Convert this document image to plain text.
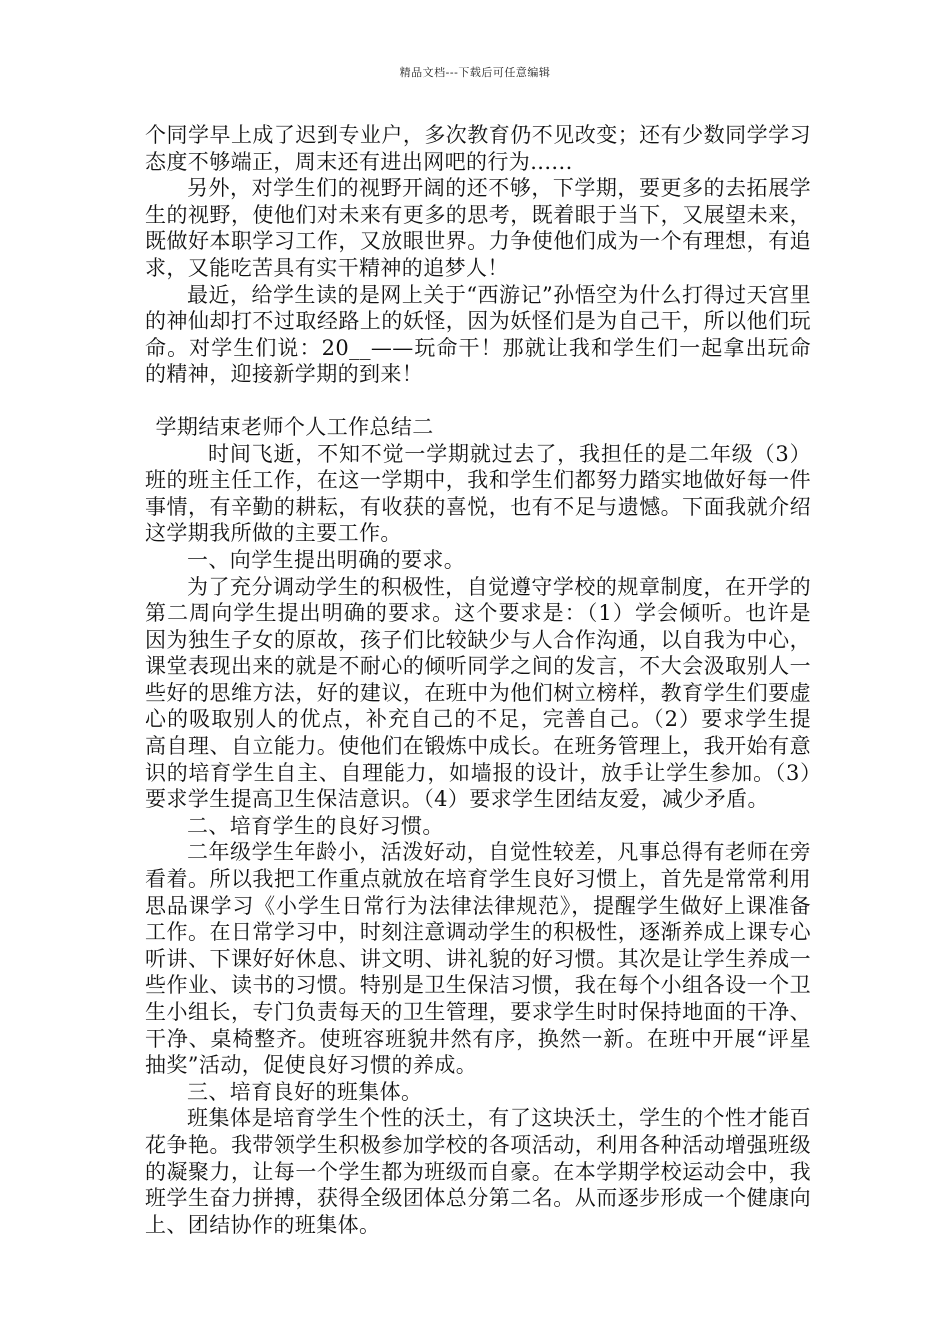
精品文档---下载后可任意编辑

个同学早上成了迟到专业户，多次教育仍不见改变；还有少数同学学习态度不够端正，周末还有进出网吧的行为......

另外，对学生们的视野开阔的还不够，下学期，要更多的去拓展学生的视野，使他们对未来有更多的思考，既着眼于当下，又展望未来，既做好本职学习工作，又放眼世界。力争使他们成为一个有理想，有追求，又能吃苦具有实干精神的追梦人！

最近，给学生读的是网上关于“西游记”孙悟空为什么打得过天宫里的神仙却打不过取经路上的妖怪，因为妖怪们是为自己干，所以他们玩命。对学生们说：20__——玩命干！那就让我和学生们一起拿出玩命的精神，迎接新学期的到来！

学期结束老师个人工作总结二

时间飞逝，不知不觉一学期就过去了，我担任的是二年级（3）班的班主任工作，在这一学期中，我和学生们都努力踏实地做好每一件事情，有辛勤的耕耘，有收获的喜悦，也有不足与遗憾。下面我就介绍这学期我所做的主要工作。

一、向学生提出明确的要求。

为了充分调动学生的积极性，自觉遵守学校的规章制度，在开学的第二周向学生提出明确的要求。这个要求是：（1）学会倾听。也许是因为独生子女的原故，孩子们比较缺少与人合作沟通，以自我为中心，课堂表现出来的就是不耐心的倾听同学之间的发言，不大会汲取别人一些好的思维方法，好的建议，在班中为他们树立榜样，教育学生们要虚心的吸取别人的优点，补充自己的不足，完善自己。（2）要求学生提高自理、自立能力。使他们在锻炼中成长。在班务管理上，我开始有意识的培育学生自主、自理能力，如墙报的设计，放手让学生参加。（3）要求学生提高卫生保洁意识。（4）要求学生团结友爱，减少矛盾。

二、培育学生的良好习惯。

二年级学生年龄小，活泼好动，自觉性较差，凡事总得有老师在旁看着。所以我把工作重点就放在培育学生良好习惯上，首先是常常利用思品课学习《小学生日常行为法律法律规范》，提醒学生做好上课准备工作。在日常学习中，时刻注意调动学生的积极性，逐渐养成上课专心听讲、下课好好休息、讲文明、讲礼貌的好习惯。其次是让学生养成一些作业、读书的习惯。特别是卫生保洁习惯，我在每个小组各设一个卫生小组长，专门负责每天的卫生管理，要求学生时时保持地面的干净、干净、桌椅整齐。使班容班貌井然有序，换然一新。在班中开展“评星抽奖”活动，促使良好习惯的养成。

三、培育良好的班集体。

班集体是培育学生个性的沃土，有了这块沃土，学生的个性才能百花争艳。我带领学生积极参加学校的各项活动，利用各种活动增强班级的凝聚力，让每一个学生都为班级而自豪。在本学期学校运动会中，我班学生奋力拼搏，获得全级团体总分第二名。从而逐步形成一个健康向上、团结协作的班集体。
